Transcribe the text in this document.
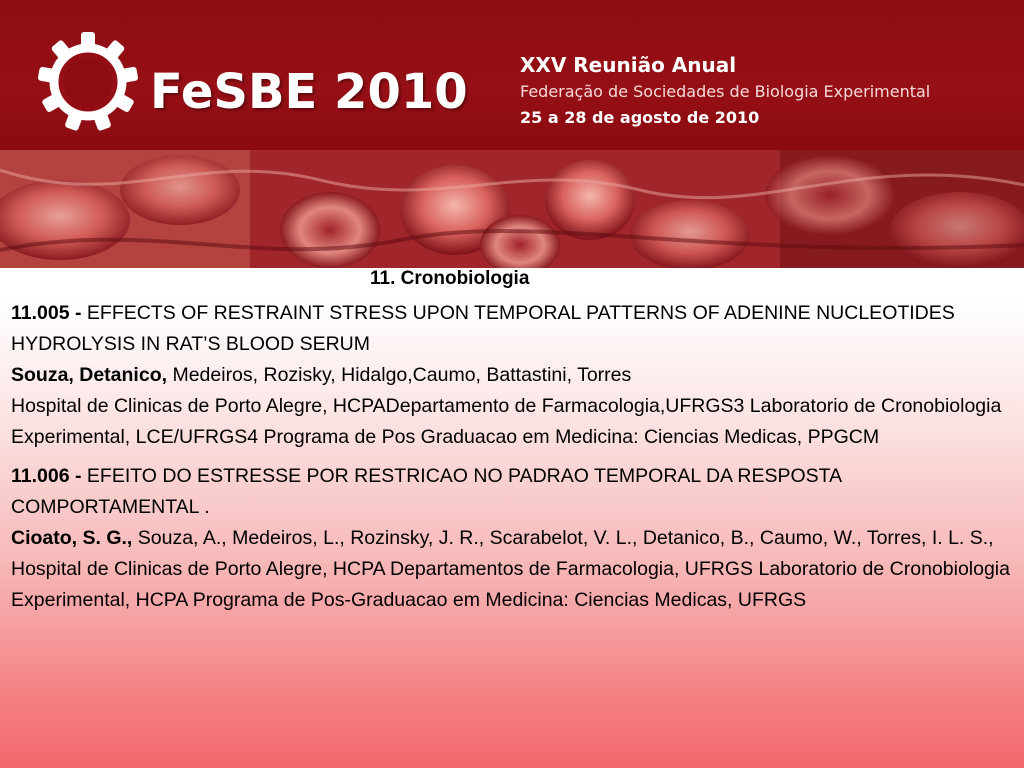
FeSBE 2010	XXV Reunião Anual
Federação de Sociedades de Biologia Experimental
25 a 28 de agosto de 2010
11. Cronobiologia

11.005 - EFFECTS OF RESTRAINT STRESS UPON TEMPORAL PATTERNS OF ADENINE NUCLEOTIDES HYDROLYSIS IN RAT’S BLOOD SERUM

Souza, Detanico, Medeiros, Rozisky, Hidalgo,Caumo, Battastini, Torres

Hospital de Clinicas de Porto Alegre, HCPADepartamento de Farmacologia,UFRGS3 Laboratorio de Cronobiologia Experimental, LCE/UFRGS4 Programa de Pos Graduacao em Medicina: Ciencias Medicas, PPGCM

11.006 - EFEITO DO ESTRESSE POR RESTRICAO NO PADRAO TEMPORAL DA RESPOSTA COMPORTAMENTAL .

Cioato, S. G., Souza, A., Medeiros, L., Rozinsky, J. R., Scarabelot, V. L., Detanico, B., Caumo, W., Torres, I. L. S., Hospital de Clinicas de Porto Alegre, HCPA Departamentos de Farmacologia, UFRGS Laboratorio de Cronobiologia Experimental, HCPA Programa de Pos-Graduacao em Medicina: Ciencias Medicas, UFRGS
